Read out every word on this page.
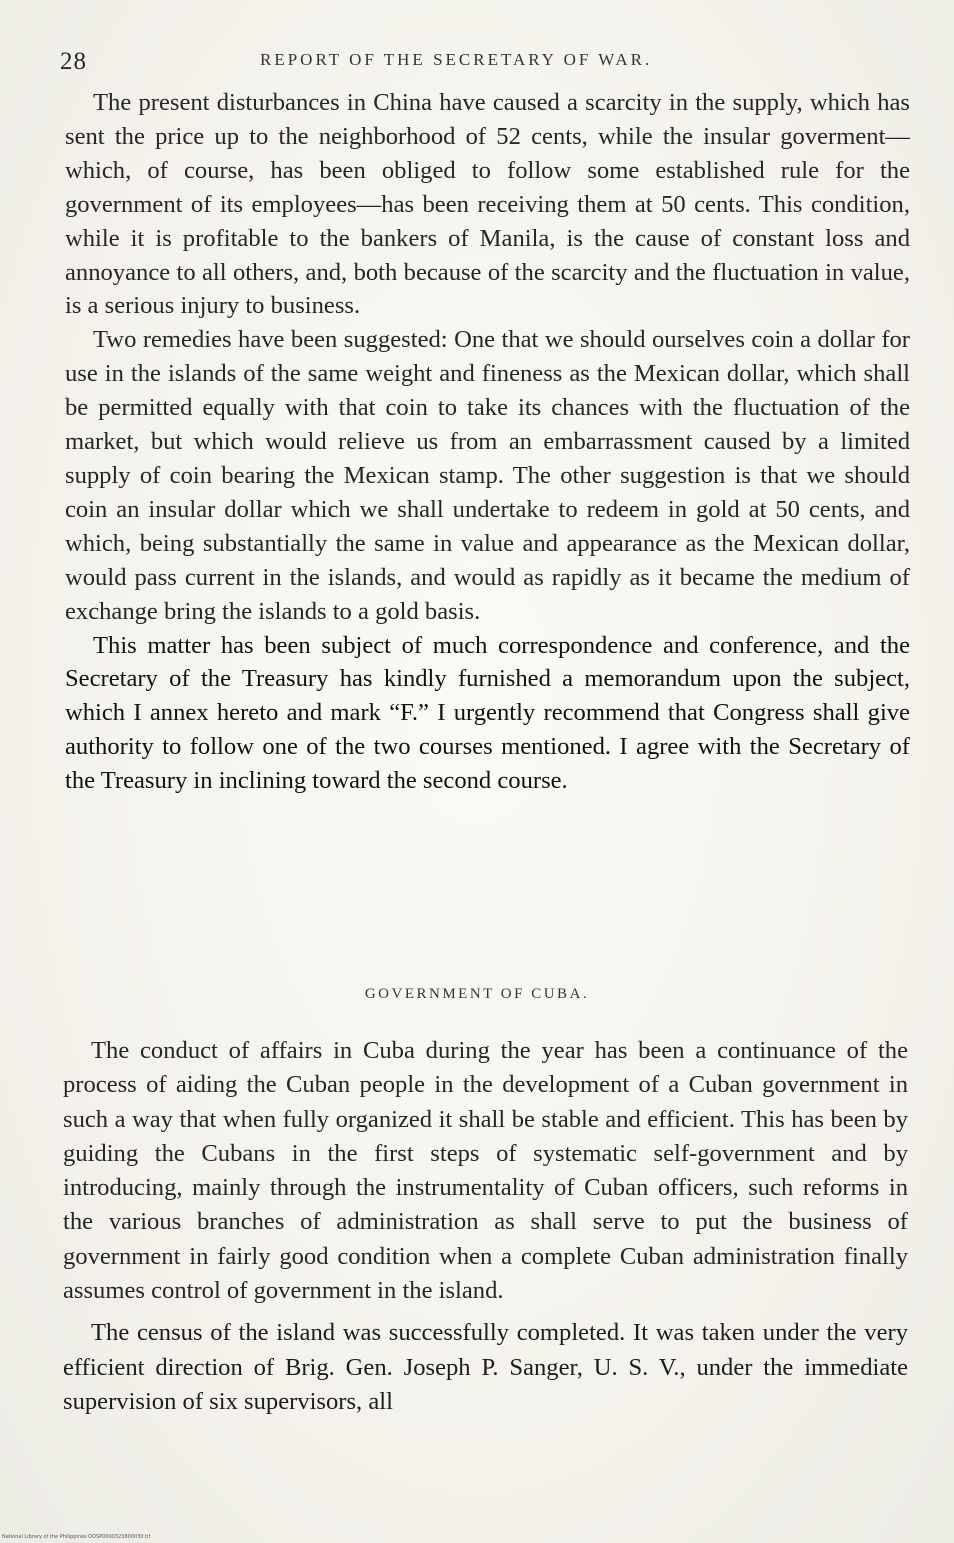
28	REPORT OF THE SECRETARY OF WAR.

The present disturbances in China have caused a scarcity in the supply, which has sent the price up to the neighborhood of 52 cents, while the insular goverment—which, of course, has been obliged to follow some established rule for the government of its employees—has been receiving them at 50 cents. This condition, while it is profitable to the bankers of Manila, is the cause of constant loss and annoyance to all others, and, both because of the scarcity and the fluctuation in value, is a serious injury to business.

Two remedies have been suggested: One that we should ourselves coin a dollar for use in the islands of the same weight and fineness as the Mexican dollar, which shall be permitted equally with that coin to take its chances with the fluctuation of the market, but which would relieve us from an embarrassment caused by a limited supply of coin bearing the Mexican stamp. The other suggestion is that we should coin an insular dollar which we shall undertake to redeem in gold at 50 cents, and which, being substantially the same in value and appearance as the Mexican dollar, would pass current in the islands, and would as rapidly as it became the medium of exchange bring the islands to a gold basis.

This matter has been subject of much correspondence and conference, and the Secretary of the Treasury has kindly furnished a memorandum upon the subject, which I annex hereto and mark “F.” I urgently recommend that Congress shall give authority to follow one of the two courses mentioned. I agree with the Secretary of the Treasury in inclining toward the second course.

GOVERNMENT OF CUBA.

The conduct of affairs in Cuba during the year has been a continuance of the process of aiding the Cuban people in the development of a Cuban government in such a way that when fully organized it shall be stable and efficient. This has been by guiding the Cubans in the first steps of systematic self-government and by introducing, mainly through the instrumentality of Cuban officers, such reforms in the various branches of administration as shall serve to put the business of government in fairly good condition when a complete Cuban administration finally assumes control of government in the island.

The census of the island was successfully completed. It was taken under the very efficient direction of Brig. Gen. Joseph P. Sanger, U. S. V., under the immediate supervision of six supervisors, all

National Library of the Philippines DOSP0000323800030.tif
